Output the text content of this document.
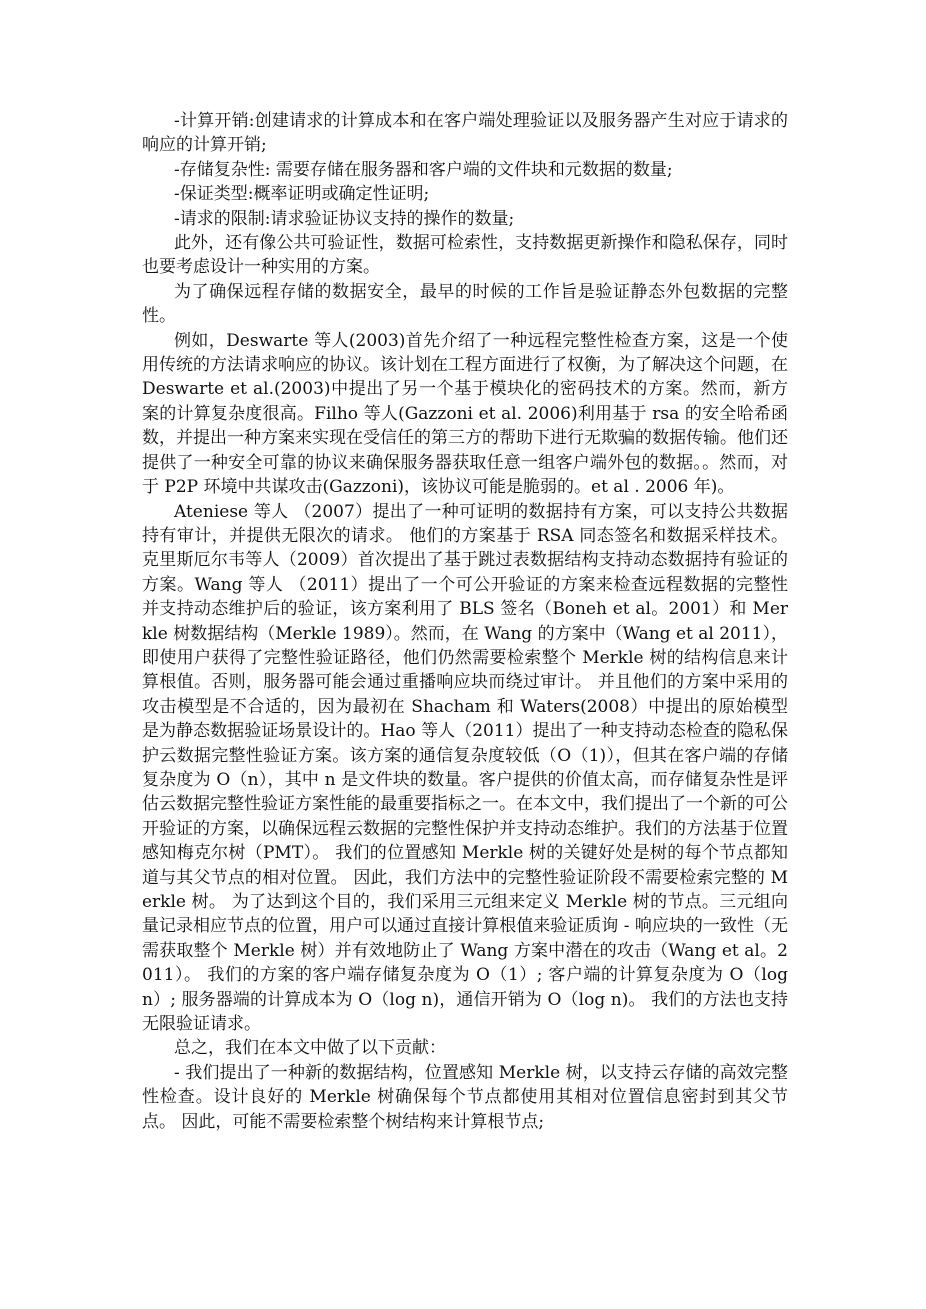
-计算开销:创建请求的计算成本和在客户端处理验证以及服务器产生对应于请求的响应的计算开销;

-存储复杂性: 需要存储在服务器和客户端的文件块和元数据的数量;

-保证类型:概率证明或确定性证明;

-请求的限制:请求验证协议支持的操作的数量;

此外，还有像公共可验证性，数据可检索性，支持数据更新操作和隐私保存，同时也要考虑设计一种实用的方案。

为了确保远程存储的数据安全，最早的时候的工作旨是验证静态外包数据的完整性。

例如，Deswarte 等人(2003)首先介绍了一种远程完整性检查方案，这是一个使用传统的方法请求响应的协议。该计划在工程方面进行了权衡，为了解决这个问题，在 Deswarte et al.(2003)中提出了另一个基于模块化的密码技术的方案。然而，新方案的计算复杂度很高。Filho 等人(Gazzoni et al. 2006)利用基于 rsa 的安全哈希函数，并提出一种方案来实现在受信任的第三方的帮助下进行无欺骗的数据传输。他们还提供了一种安全可靠的协议来确保服务器获取任意一组客户端外包的数据。。然而，对于 P2P 环境中共谋攻击(Gazzoni)，该协议可能是脆弱的。et al . 2006 年)。

Ateniese 等人 （2007）提出了一种可证明的数据持有方案，可以支持公共数据持有审计，并提供无限次的请求。 他们的方案基于 RSA 同态签名和数据采样技术。克里斯厄尔韦等人（2009）首次提出了基于跳过表数据结构支持动态数据持有验证的方案。Wang 等人 （2011）提出了一个可公开验证的方案来检查远程数据的完整性并支持动态维护后的验证，该方案利用了 BLS 签名（Boneh et al。2001）和 Merkle 树数据结构（Merkle 1989）。然而，在 Wang 的方案中（Wang et al 2011），即使用户获得了完整性验证路径，他们仍然需要检索整个 Merkle 树的结构信息来计算根值。否则，服务器可能会通过重播响应块而绕过审计。 并且他们的方案中采用的攻击模型是不合适的，因为最初在 Shacham 和 Waters(2008）中提出的原始模型是为静态数据验证场景设计的。Hao 等人（2011）提出了一种支持动态检查的隐私保护云数据完整性验证方案。该方案的通信复杂度较低（O（1)），但其在客户端的存储复杂度为 O（n），其中 n 是文件块的数量。客户提供的价值太高，而存储复杂性是评估云数据完整性验证方案性能的最重要指标之一。在本文中，我们提出了一个新的可公开验证的方案，以确保远程云数据的完整性保护并支持动态维护。我们的方法基于位置感知梅克尔树（PMT）。 我们的位置感知 Merkle 树的关键好处是树的每个节点都知道与其父节点的相对位置。 因此，我们方法中的完整性验证阶段不需要检索完整的 Merkle 树。 为了达到这个目的，我们采用三元组来定义 Merkle 树的节点。三元组向量记录相应节点的位置，用户可以通过直接计算根值来验证质询 - 响应块的一致性（无需获取整个 Merkle 树）并有效地防止了 Wang 方案中潜在的攻击（Wang et al。2011）。 我们的方案的客户端存储复杂度为 O（1）; 客户端的计算复杂度为 O（log n）; 服务器端的计算成本为 O（log n)，通信开销为 O（log n)。 我们的方法也支持无限验证请求。

总之，我们在本文中做了以下贡献：

- 我们提出了一种新的数据结构，位置感知 Merkle 树，以支持云存储的高效完整性检查。设计良好的 Merkle 树确保每个节点都使用其相对位置信息密封到其父节点。 因此，可能不需要检索整个树结构来计算根节点;
